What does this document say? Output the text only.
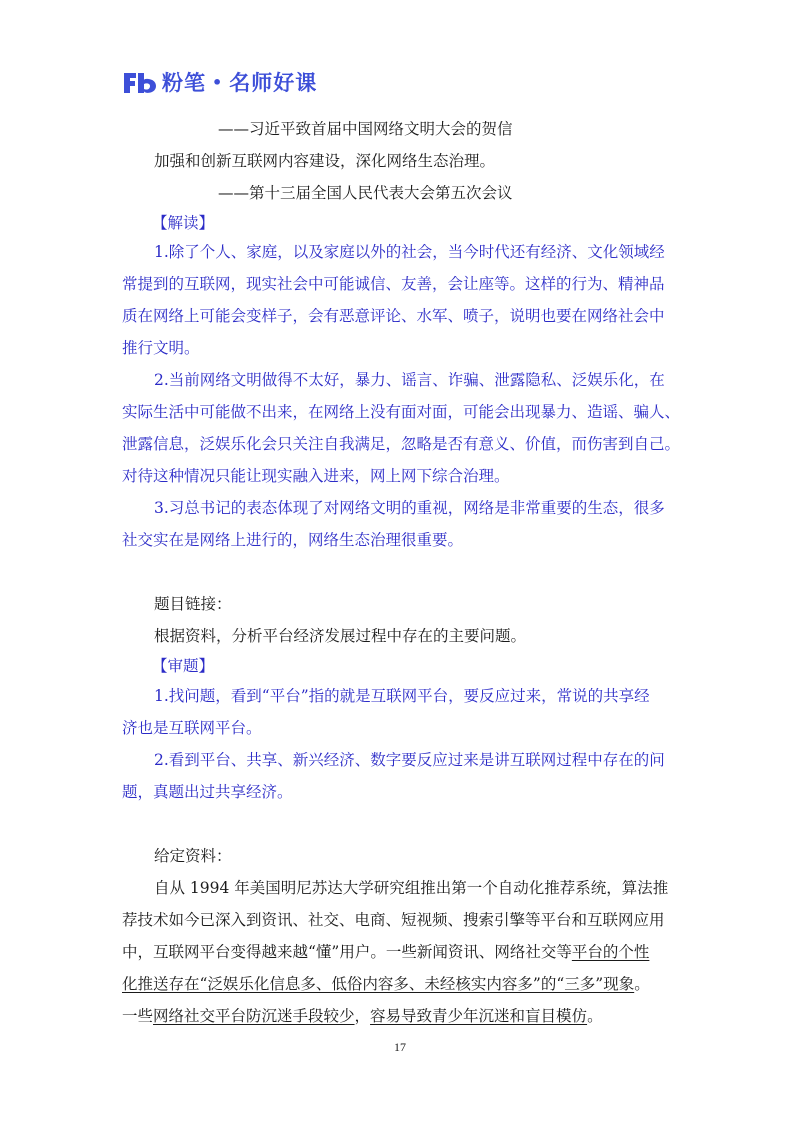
粉笔 • 名师好课
——习近平致首届中国网络文明大会的贺信
加强和创新互联网内容建设，深化网络生态治理。
——第十三届全国人民代表大会第五次会议
【解读】
1.除了个人、家庭，以及家庭以外的社会，当今时代还有经济、文化领域经
常提到的互联网，现实社会中可能诚信、友善，会让座等。这样的行为、精神品
质在网络上可能会变样子，会有恶意评论、水军、喷子，说明也要在网络社会中
推行文明。
2.当前网络文明做得不太好，暴力、谣言、诈骗、泄露隐私、泛娱乐化，在
实际生活中可能做不出来，在网络上没有面对面，可能会出现暴力、造谣、骗人、
泄露信息，泛娱乐化会只关注自我满足，忽略是否有意义、价值，而伤害到自己。
对待这种情况只能让现实融入进来，网上网下综合治理。
3.习总书记的表态体现了对网络文明的重视，网络是非常重要的生态，很多
社交实在是网络上进行的，网络生态治理很重要。
题目链接：
根据资料，分析平台经济发展过程中存在的主要问题。
【审题】
1.找问题，看到“平台”指的就是互联网平台，要反应过来，常说的共享经
济也是互联网平台。
2.看到平台、共享、新兴经济、数字要反应过来是讲互联网过程中存在的问
题，真题出过共享经济。
给定资料：
自从 1994 年美国明尼苏达大学研究组推出第一个自动化推荐系统，算法推
荐技术如今已深入到资讯、社交、电商、短视频、搜索引擎等平台和互联网应用
中，互联网平台变得越来越“懂”用户。一些新闻资讯、网络社交等平台的个性
化推送存在“泛娱乐化信息多、低俗内容多、未经核实内容多”的“三多”现象。
一些网络社交平台防沉迷手段较少，容易导致青少年沉迷和盲目模仿。
17
